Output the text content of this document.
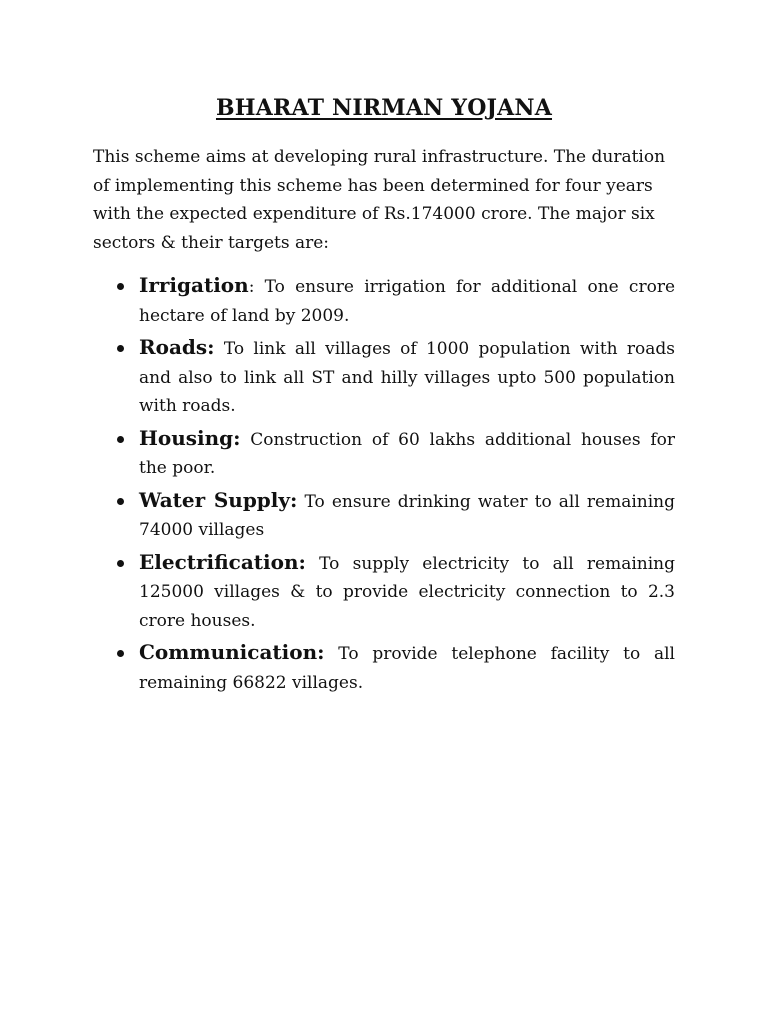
BHARAT NIRMAN YOJANA

This scheme aims at developing rural infrastructure. The duration of implementing this scheme has been determined for four years with the expected expenditure of Rs.174000 crore. The major six sectors & their targets are:

Irrigation: To ensure irrigation for additional one crore hectare of land by 2009.
Roads: To link all villages of 1000 population with roads and also to link all ST and hilly villages upto 500 population with roads.
Housing: Construction of 60 lakhs additional houses for the poor.
Water Supply: To ensure drinking water to all remaining 74000 villages
Electrification: To supply electricity to all remaining 125000 villages & to provide electricity connection to 2.3 crore houses.
Communication: To provide telephone facility to all remaining 66822 villages.
